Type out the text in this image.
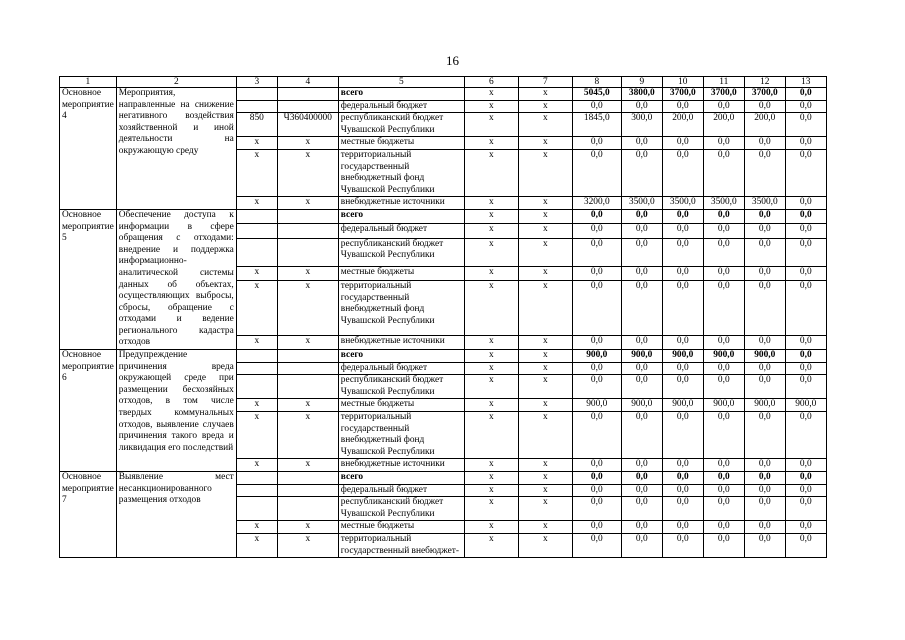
16
1	2	3	4	5	6	7	8	9	10	11	12	13
Основное мероприятие 4	Мероприятия, направленные на снижение негативного воздействия хозяйственной и иной деятельности на окружающую среду			всего	х	х	5045,0	3800,0	3700,0	3700,0	3700,0	0,0
				федеральный бюджет	х	х	0,0	0,0	0,0	0,0	0,0	0,0
		850	Ч360400000	республиканский бюджет Чувашской Республики	х	х	1845,0	300,0	200,0	200,0	200,0	0,0
		х	х	местные бюджеты	х	х	0,0	0,0	0,0	0,0	0,0	0,0
		х	х	территориальный государственный внебюджетный фонд Чувашской Республики	х	х	0,0	0,0	0,0	0,0	0,0	0,0
		х	х	внебюджетные источники	х	х	3200,0	3500,0	3500,0	3500,0	3500,0	0,0
Основное мероприятие 5	Обеспечение доступа к информации в сфере обращения с отходами: внедрение и поддержка информационно-аналитической системы данных об объектах, осуществляющих выбросы, сбросы, обращение с отходами и ведение регионального кадастра отходов			всего	х	х	0,0	0,0	0,0	0,0	0,0	0,0
				федеральный бюджет	х	х	0,0	0,0	0,0	0,0	0,0	0,0
				республиканский бюджет Чувашской Республики	х	х	0,0	0,0	0,0	0,0	0,0	0,0
		х	х	местные бюджеты	х	х	0,0	0,0	0,0	0,0	0,0	0,0
		х	х	территориальный государственный внебюджетный фонд Чувашской Республики	х	х	0,0	0,0	0,0	0,0	0,0	0,0
		х	х	внебюджетные источники	х	х	0,0	0,0	0,0	0,0	0,0	0,0
Основное мероприятие 6	Предупреждение причинения вреда окружающей среде при размещении бесхозяйных отходов, в том числе твердых коммунальных отходов, выявление случаев причинения такого вреда и ликвидация его последствий			всего	х	х	900,0	900,0	900,0	900,0	900,0	0,0
				федеральный бюджет	х	х	0,0	0,0	0,0	0,0	0,0	0,0
				республиканский бюджет Чувашской Республики	х	х	0,0	0,0	0,0	0,0	0,0	0,0
		х	х	местные бюджеты	х	х	900,0	900,0	900,0	900,0	900,0	900,0
		х	х	территориальный государственный внебюджетный фонд Чувашской Республики	х	х	0,0	0,0	0,0	0,0	0,0	0,0
		х	х	внебюджетные источники	х	х	0,0	0,0	0,0	0,0	0,0	0,0
Основное мероприятие 7	Выявление мест несанкционированного размещения отходов			всего	х	х	0,0	0,0	0,0	0,0	0,0	0,0
				федеральный бюджет	х	х	0,0	0,0	0,0	0,0	0,0	0,0
				республиканский бюджет Чувашской Республики	х	х	0,0	0,0	0,0	0,0	0,0	0,0
		х	х	местные бюджеты	х	х	0,0	0,0	0,0	0,0	0,0	0,0
		х	х	территориальный государственный внебюджет-	х	х	0,0	0,0	0,0	0,0	0,0	0,0
